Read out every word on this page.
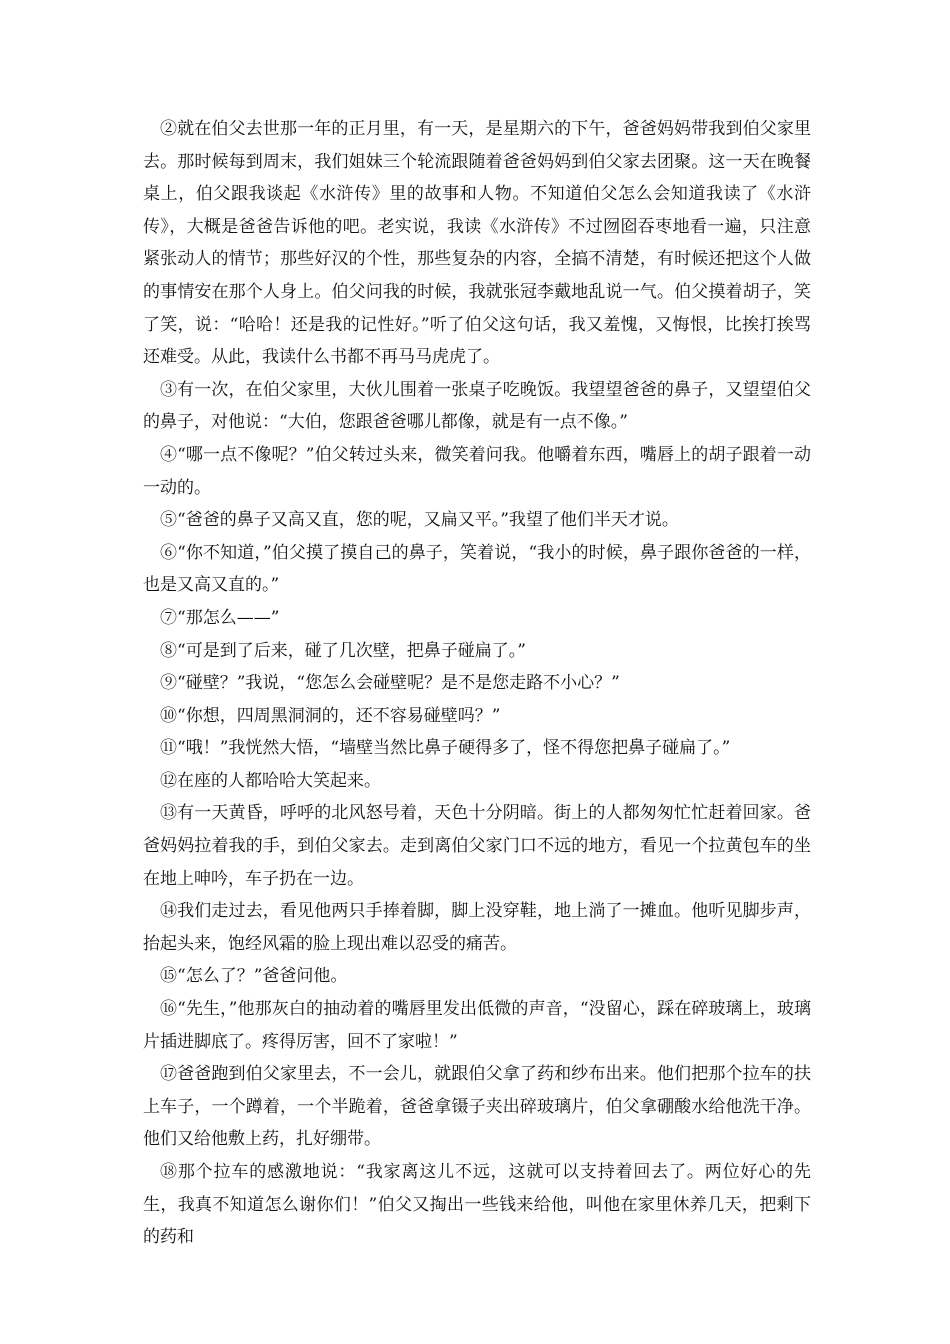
②就在伯父去世那一年的正月里，有一天，是星期六的下午，爸爸妈妈带我到伯父家里去。那时候每到周末，我们姐妹三个轮流跟随着爸爸妈妈到伯父家去团聚。这一天在晚餐桌上，伯父跟我谈起《水浒传》里的故事和人物。不知道伯父怎么会知道我读了《水浒传》，大概是爸爸告诉他的吧。老实说，我读《水浒传》不过囫囵吞枣地看一遍，只注意紧张动人的情节；那些好汉的个性，那些复杂的内容，全搞不清楚，有时候还把这个人做的事情安在那个人身上。伯父问我的时候，我就张冠李戴地乱说一气。伯父摸着胡子，笑了笑，说：“哈哈！还是我的记性好。”听了伯父这句话，我又羞愧，又悔恨，比挨打挨骂还难受。从此，我读什么书都不再马马虎虎了。

③有一次，在伯父家里，大伙儿围着一张桌子吃晚饭。我望望爸爸的鼻子，又望望伯父的鼻子，对他说：“大伯，您跟爸爸哪儿都像，就是有一点不像。”

④“哪一点不像呢？”伯父转过头来，微笑着问我。他嚼着东西，嘴唇上的胡子跟着一动一动的。

⑤“爸爸的鼻子又高又直，您的呢，又扁又平。”我望了他们半天才说。

⑥“你不知道，”伯父摸了摸自己的鼻子，笑着说，“我小的时候，鼻子跟你爸爸的一样，也是又高又直的。”

⑦“那怎么——”

⑧“可是到了后来，碰了几次壁，把鼻子碰扁了。”

⑨“碰壁？”我说，“您怎么会碰壁呢？是不是您走路不小心？”

⑩“你想，四周黑洞洞的，还不容易碰壁吗？”

⑪“哦！”我恍然大悟，“墙壁当然比鼻子硬得多了，怪不得您把鼻子碰扁了。”

⑫在座的人都哈哈大笑起来。

⑬有一天黄昏，呼呼的北风怒号着，天色十分阴暗。街上的人都匆匆忙忙赶着回家。爸爸妈妈拉着我的手，到伯父家去。走到离伯父家门口不远的地方，看见一个拉黄包车的坐在地上呻吟，车子扔在一边。

⑭我们走过去，看见他两只手捧着脚，脚上没穿鞋，地上淌了一摊血。他听见脚步声，抬起头来，饱经风霜的脸上现出难以忍受的痛苦。

⑮“怎么了？”爸爸问他。

⑯“先生，”他那灰白的抽动着的嘴唇里发出低微的声音，“没留心，踩在碎玻璃上，玻璃片插进脚底了。疼得厉害，回不了家啦！”

⑰爸爸跑到伯父家里去，不一会儿，就跟伯父拿了药和纱布出来。他们把那个拉车的扶上车子，一个蹲着，一个半跪着，爸爸拿镊子夹出碎玻璃片，伯父拿硼酸水给他洗干净。他们又给他敷上药，扎好绷带。

⑱那个拉车的感激地说：“我家离这儿不远，这就可以支持着回去了。两位好心的先生，我真不知道怎么谢你们！”伯父又掏出一些钱来给他，叫他在家里休养几天，把剩下的药和
